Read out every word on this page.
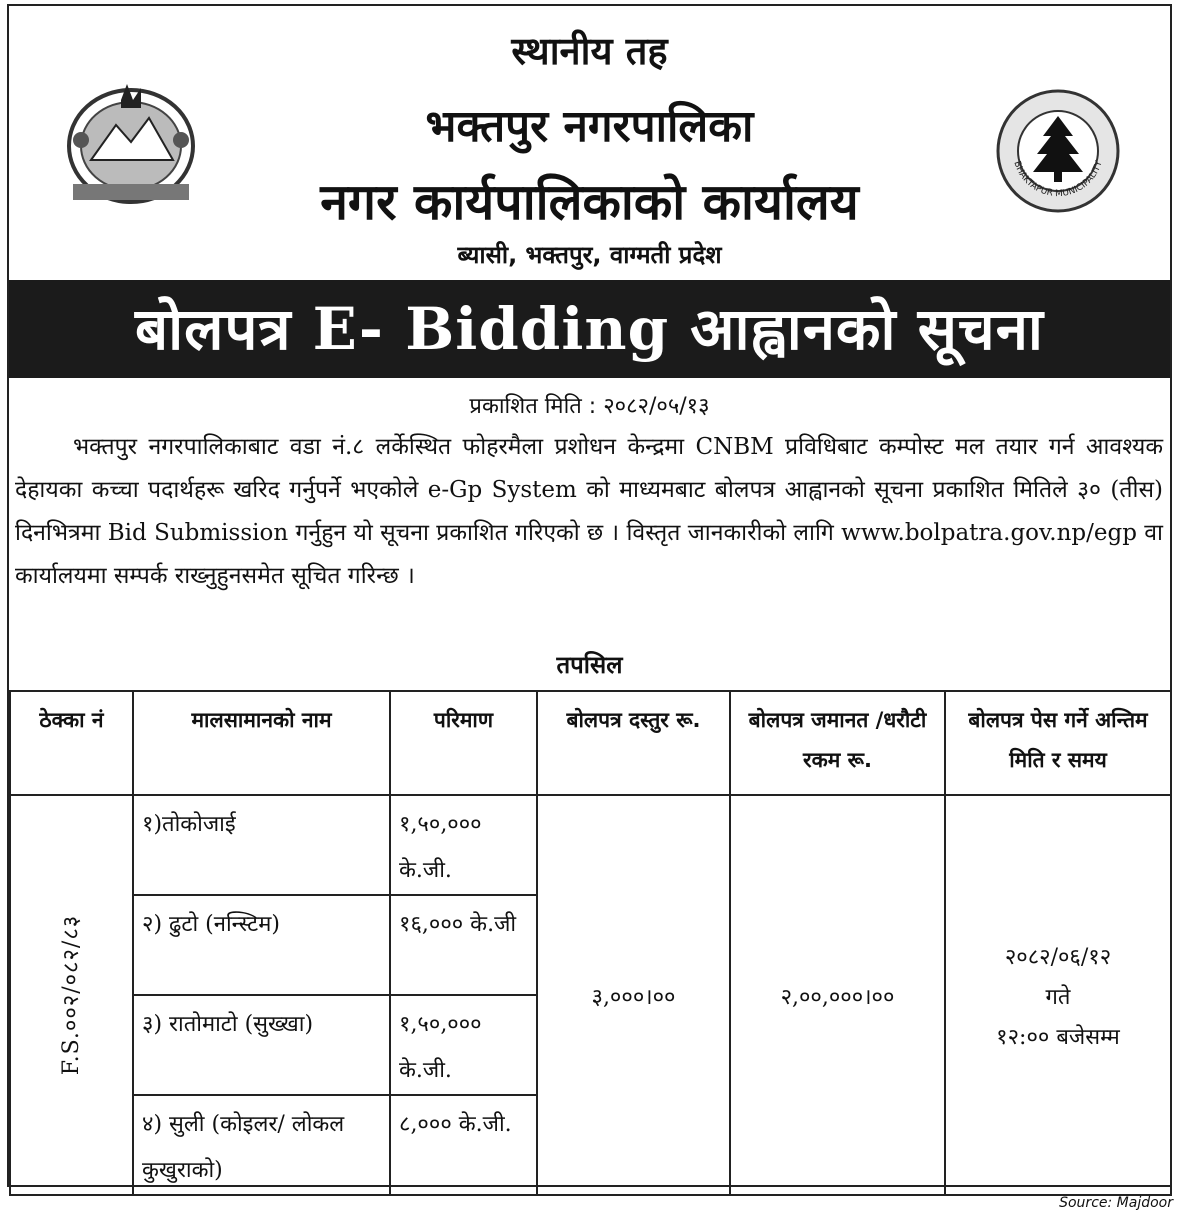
स्थानीय तह
भक्तपुर नगरपालिका
नगर कार्यपालिकाको कार्यालय
ब्यासी, भक्तपुर, वाग्मती प्रदेश
BHAKTAPUR MUNICIPALITY
बोलपत्र E- Bidding आह्वानको सूचना
प्रकाशित मिति : २०८२/०५/१३
भक्तपुर नगरपालिकाबाट वडा नं.८ लर्केस्थित फोहरमैला प्रशोधन केन्द्रमा CNBM प्रविधिबाट कम्पोस्ट मल तयार गर्न आवश्यक देहायका कच्चा पदार्थहरू खरिद गर्नुपर्ने भएकोले e-Gp System को माध्यमबाट बोलपत्र आह्वानको सूचना प्रकाशित मितिले ३० (तीस) दिनभित्रमा Bid Submission गर्नुहुन यो सूचना प्रकाशित गरिएको छ । विस्तृत जानकारीको लागि www.bolpatra.gov.np/egp वा कार्यालयमा सम्पर्क राख्नुहुनसमेत सूचित गरिन्छ ।
तपसिल
ठेक्का नं	मालसामानको नाम	परिमाण	बोलपत्र दस्तुर रू.	बोलपत्र जमानत /धरौटी रकम रू.	बोलपत्र पेस गर्ने अन्तिम मिति र समय

F.S.००२/०८२/८३	१)तोकोजाई	१,५०,००० के.जी.	३,०००।००	२,००,०००।००	२०८२/०६/१२
गते
१२:०० बजेसम्म

	२) ढुटो (नन्स्टिम)	१६,००० के.जी			
	३) रातोमाटो (सुख्खा)	१,५०,००० के.जी.			
	४) सुली (कोइलर/ लोकल कुखुराको)	८,००० के.जी.			
Source: Majdoor
